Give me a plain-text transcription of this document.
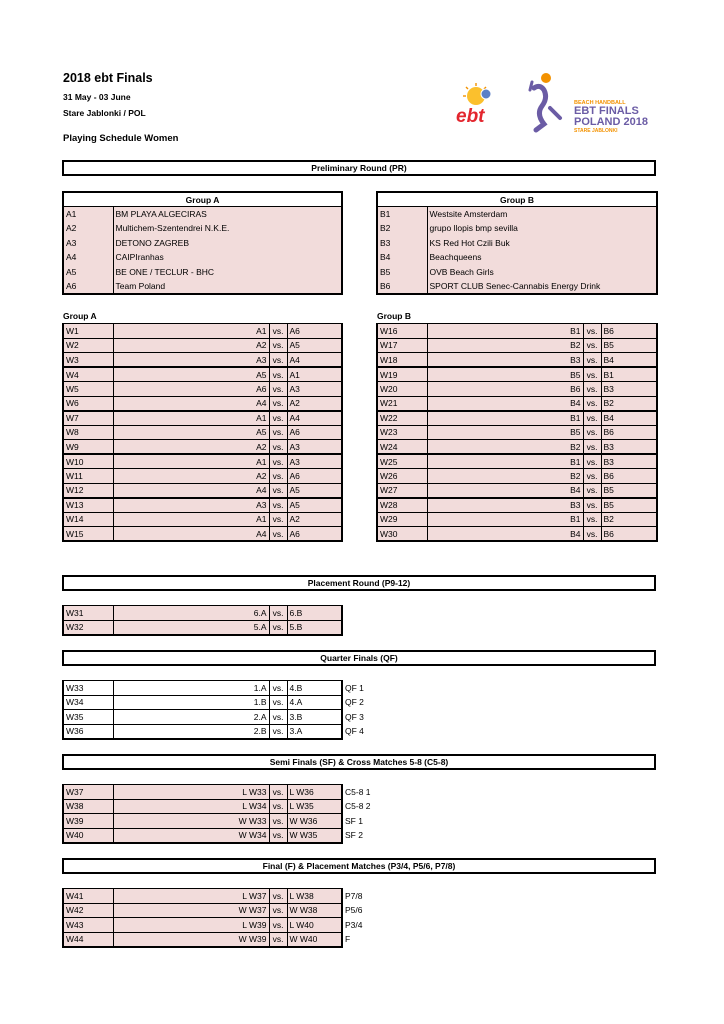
2018 ebt Finals
31 May - 03 June
Stare Jablonki / POL
Playing Schedule Women
ebt
BEACH HANDBALL
EBT FINALS
POLAND 2018
STARE JABLONKI
Preliminary Round (PR)
Group A	
A1	BM PLAYA ALGECIRAS
A2	Multichem-Szentendrei N.K.E.
A3	DETONO ZAGREB
A4	CAIPIranhas
A5	BE ONE / TECLUR - BHC
A6	Team Poland
Group B	
B1	Westsite Amsterdam
B2	grupo llopis bmp sevilla
B3	KS Red Hot Czili Buk
B4	Beachqueens
B5	OVB Beach Girls
B6	SPORT CLUB Senec-Cannabis Energy Drink
Group A	Group B
W1	A1	vs.	A6
W2	A2	vs.	A5
W3	A3	vs.	A4
W4	A5	vs.	A1
W5	A6	vs.	A3
W6	A4	vs.	A2
W7	A1	vs.	A4
W8	A5	vs.	A6
W9	A2	vs.	A3
W10	A1	vs.	A3
W11	A2	vs.	A6
W12	A4	vs.	A5
W13	A3	vs.	A5
W14	A1	vs.	A2
W15	A4	vs.	A6
W16	B1	vs.	B6
W17	B2	vs.	B5
W18	B3	vs.	B4
W19	B5	vs.	B1
W20	B6	vs.	B3
W21	B4	vs.	B2
W22	B1	vs.	B4
W23	B5	vs.	B6
W24	B2	vs.	B3
W25	B1	vs.	B3
W26	B2	vs.	B6
W27	B4	vs.	B5
W28	B3	vs.	B5
W29	B1	vs.	B2
W30	B4	vs.	B6
Placement Round (P9-12)
W31	6.A	vs.	6.B
W32	5.A	vs.	5.B
Quarter Finals (QF)
W33	1.A	vs.	4.B	QF 1
W34	1.B	vs.	4.A	QF 2
W35	2.A	vs.	3.B	QF 3
W36	2.B	vs.	3.A	QF 4
Semi Finals (SF) & Cross Matches 5-8 (C5-8)
W37	L W33	vs.	L W36	C5-8 1
W38	L W34	vs.	L W35	C5-8 2
W39	W W33	vs.	W W36	SF 1
W40	W W34	vs.	W W35	SF 2
Final (F) & Placement Matches (P3/4, P5/6, P7/8)
W41	L W37	vs.	L W38	P7/8
W42	W W37	vs.	W W38	P5/6
W43	L W39	vs.	L W40	P3/4
W44	W W39	vs.	W W40	F
